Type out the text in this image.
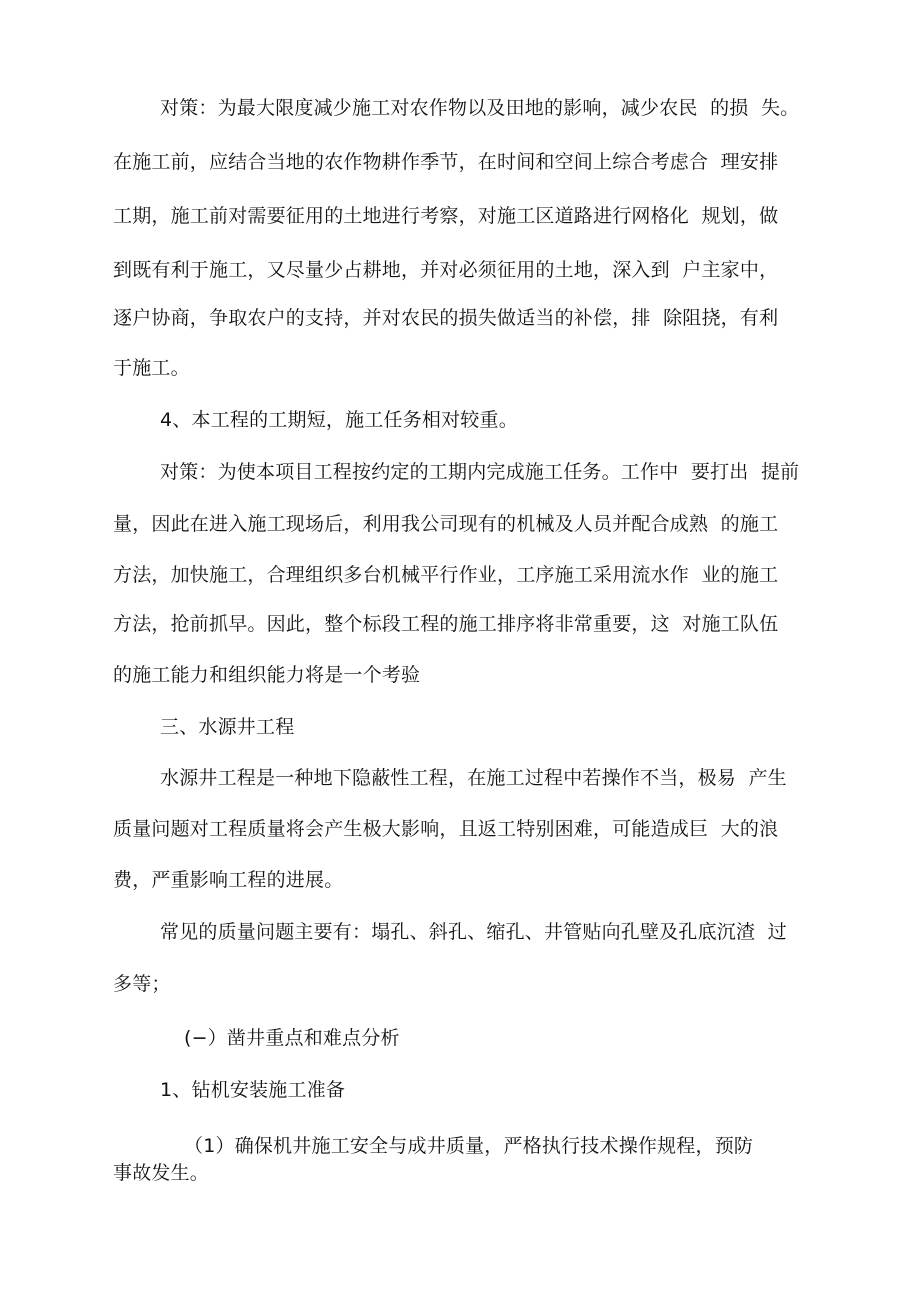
对策：为最大限度减少施工对农作物以及田地的影响，减少农民  的损  失。
在施工前，应结合当地的农作物耕作季节，在时间和空间上综合考虑合  理安排
工期，施工前对需要征用的土地进行考察，对施工区道路进行网格化  规划，做
到既有利于施工，又尽量少占耕地，并对必须征用的土地，深入到  户主家中，
逐户协商，争取农户的支持，并对农民的损失做适当的补偿，排  除阻挠，有利
于施工。
4、本工程的工期短，施工任务相对较重。
对策：为使本项目工程按约定的工期内完成施工任务。工作中  要打出  提前
量，因此在进入施工现场后，利用我公司现有的机械及人员并配合成熟  的施工
方法，加快施工，合理组织多台机械平行作业，工序施工采用流水作  业的施工
方法，抢前抓早。因此，整个标段工程的施工排序将非常重要，这  对施工队伍
的施工能力和组织能力将是一个考验
三、水源井工程
水源井工程是一种地下隐蔽性工程，在施工过程中若操作不当，极易  产生
质量问题对工程质量将会产生极大影响，且返工特别困难，可能造成巨  大的浪
费，严重影响工程的进展。
常见的质量问题主要有：塌孔、斜孔、缩孔、井管贴向孔壁及孔底沉渣  过
多等；
(−）凿井重点和难点分析
1、钻机安装施工准备
（1）确保机井施工安全与成井质量，严格执行技术操作规程，预防
事故发生。
